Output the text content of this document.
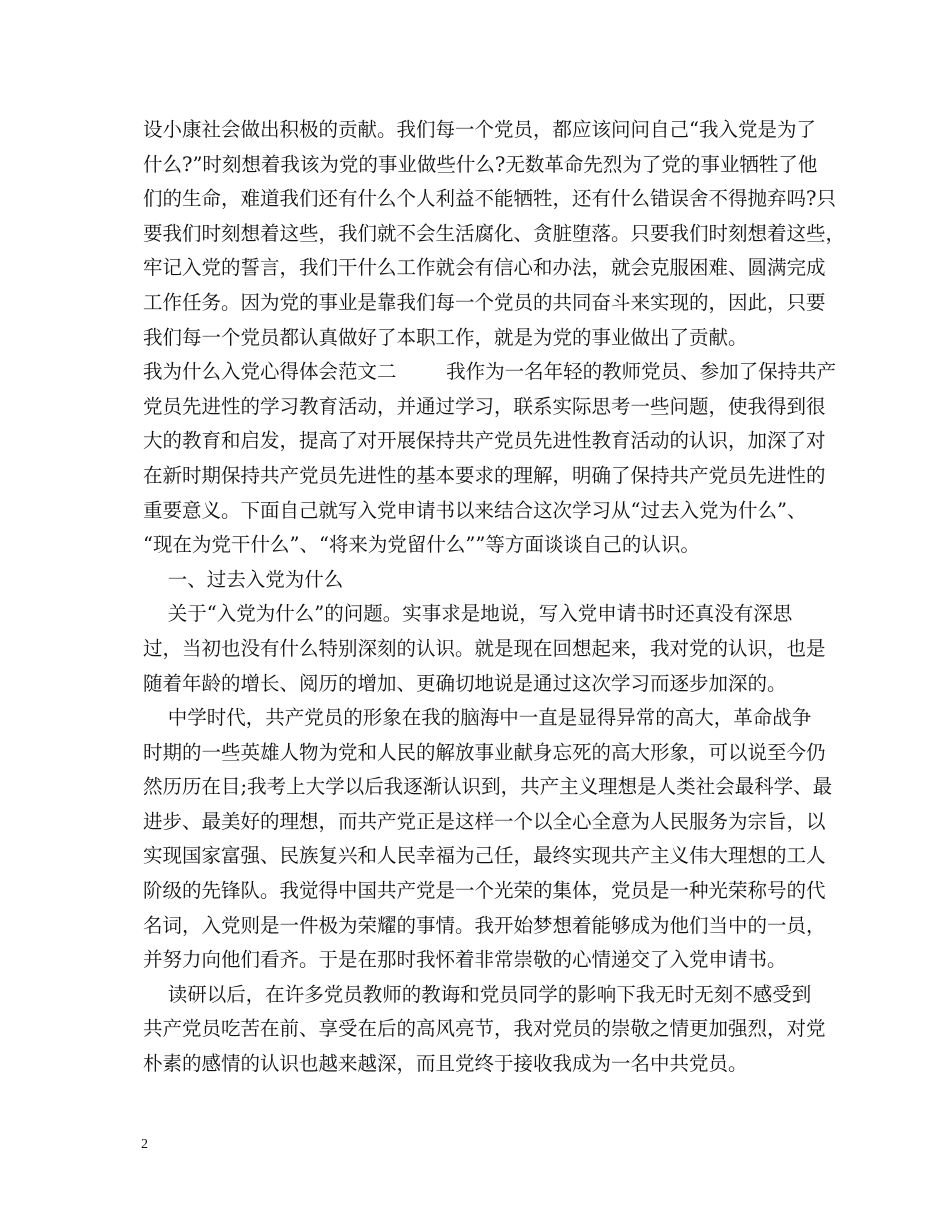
设小康社会做出积极的贡献。我们每一个党员，都应该问问自己“我入党是为了
什么?”时刻想着我该为党的事业做些什么?无数革命先烈为了党的事业牺牲了他
们的生命，难道我们还有什么个人利益不能牺牲，还有什么错误舍不得抛弃吗?只
要我们时刻想着这些，我们就不会生活腐化、贪脏堕落。只要我们时刻想着这些，
牢记入党的誓言，我们干什么工作就会有信心和办法，就会克服困难、圆满完成
工作任务。因为党的事业是靠我们每一个党员的共同奋斗来实现的，因此，只要
我们每一个党员都认真做好了本职工作，就是为党的事业做出了贡献。
我为什么入党心得体会范文二        我作为一名年轻的教师党员、参加了保持共产
党员先进性的学习教育活动，并通过学习，联系实际思考一些问题，使我得到很
大的教育和启发，提高了对开展保持共产党员先进性教育活动的认识，加深了对
在新时期保持共产党员先进性的基本要求的理解，明确了保持共产党员先进性的
重要意义。下面自己就写入党申请书以来结合这次学习从“过去入党为什么”、
“现在为党干什么”、“将来为党留什么””等方面谈谈自己的认识。
一、过去入党为什么
关于“入党为什么”的问题。实事求是地说，写入党申请书时还真没有深思
过，当初也没有什么特别深刻的认识。就是现在回想起来，我对党的认识，也是
随着年龄的增长、阅历的增加、更确切地说是通过这次学习而逐步加深的。
中学时代，共产党员的形象在我的脑海中一直是显得异常的高大，革命战争
时期的一些英雄人物为党和人民的解放事业献身忘死的高大形象，可以说至今仍
然历历在目;我考上大学以后我逐渐认识到，共产主义理想是人类社会最科学、最
进步、最美好的理想，而共产党正是这样一个以全心全意为人民服务为宗旨，以
实现国家富强、民族复兴和人民幸福为己任，最终实现共产主义伟大理想的工人
阶级的先锋队。我觉得中国共产党是一个光荣的集体，党员是一种光荣称号的代
名词，入党则是一件极为荣耀的事情。我开始梦想着能够成为他们当中的一员，
并努力向他们看齐。于是在那时我怀着非常崇敬的心情递交了入党申请书。
读研以后，在许多党员教师的教诲和党员同学的影响下我无时无刻不感受到
共产党员吃苦在前、享受在后的高风亮节，我对党员的崇敬之情更加强烈，对党
朴素的感情的认识也越来越深，而且党终于接收我成为一名中共党员。
2
